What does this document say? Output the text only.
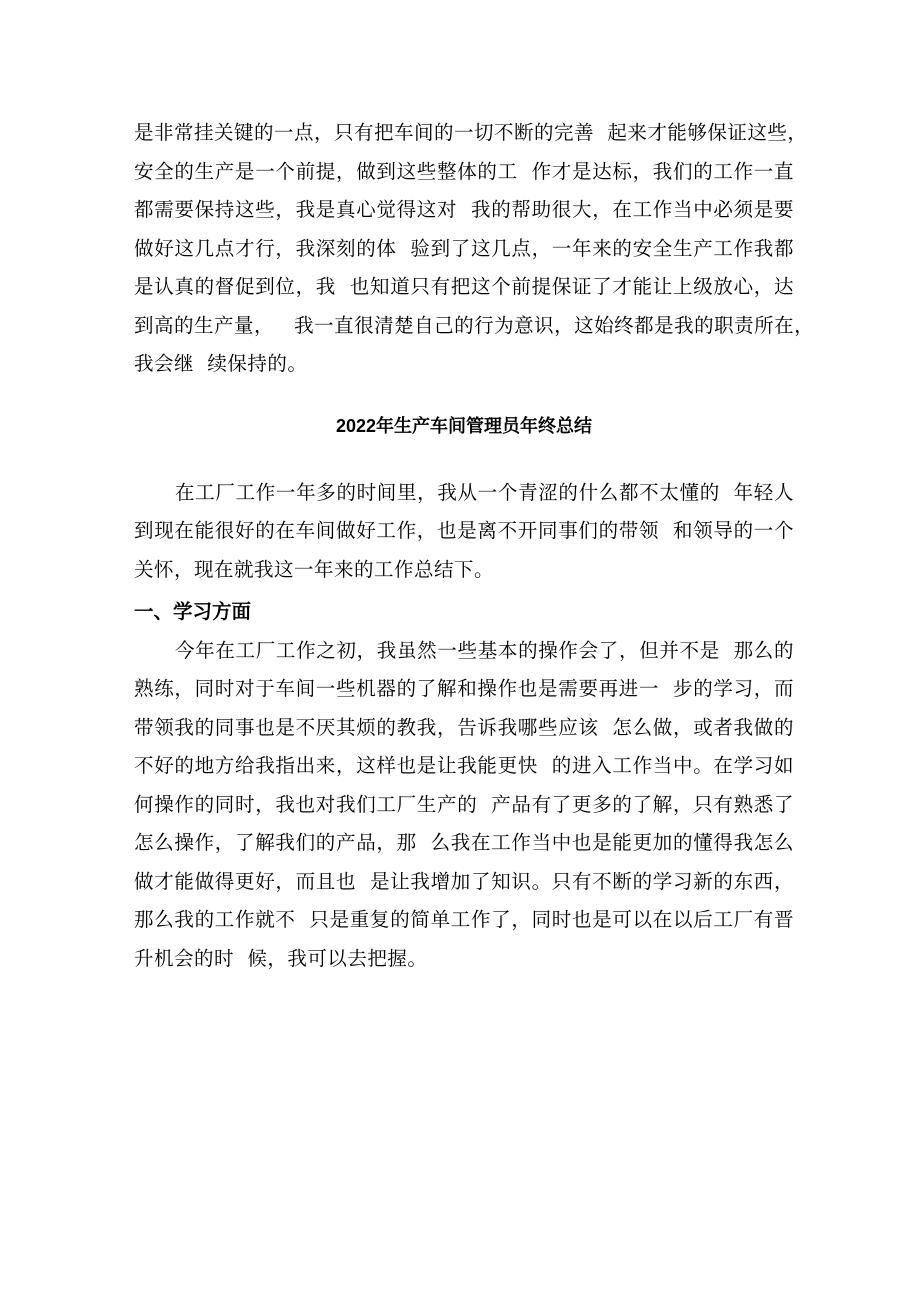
是非常挂关键的一点，只有把车间的一切不断的完善  起来才能够保证这些，
安全的生产是一个前提，做到这些整体的工  作才是达标，我们的工作一直
都需要保持这些，我是真心觉得这对  我的帮助很大，在工作当中必须是要
做好这几点才行，我深刻的体  验到了这几点，一年来的安全生产工作我都
是认真的督促到位，我  也知道只有把这个前提保证了才能让上级放心，达
到高的生产量，   我一直很清楚自己的行为意识，这始终都是我的职责所在，
我会继  续保持的。
2022年生产车间管理员年终总结
在工厂工作一年多的时间里，我从一个青涩的什么都不太懂的  年轻人
到现在能很好的在车间做好工作，也是离不开同事们的带领  和领导的一个
关怀，现在就我这一年来的工作总结下。
一、学习方面
今年在工厂工作之初，我虽然一些基本的操作会了，但并不是  那么的
熟练，同时对于车间一些机器的了解和操作也是需要再进一  步的学习，而
带领我的同事也是不厌其烦的教我，告诉我哪些应该  怎么做，或者我做的
不好的地方给我指出来，这样也是让我能更快  的进入工作当中。在学习如
何操作的同时，我也对我们工厂生产的  产品有了更多的了解，只有熟悉了
怎么操作，了解我们的产品，那  么我在工作当中也是能更加的懂得我怎么
做才能做得更好，而且也  是让我增加了知识。只有不断的学习新的东西，
那么我的工作就不  只是重复的简单工作了，同时也是可以在以后工厂有晋
升机会的时  候，我可以去把握。
